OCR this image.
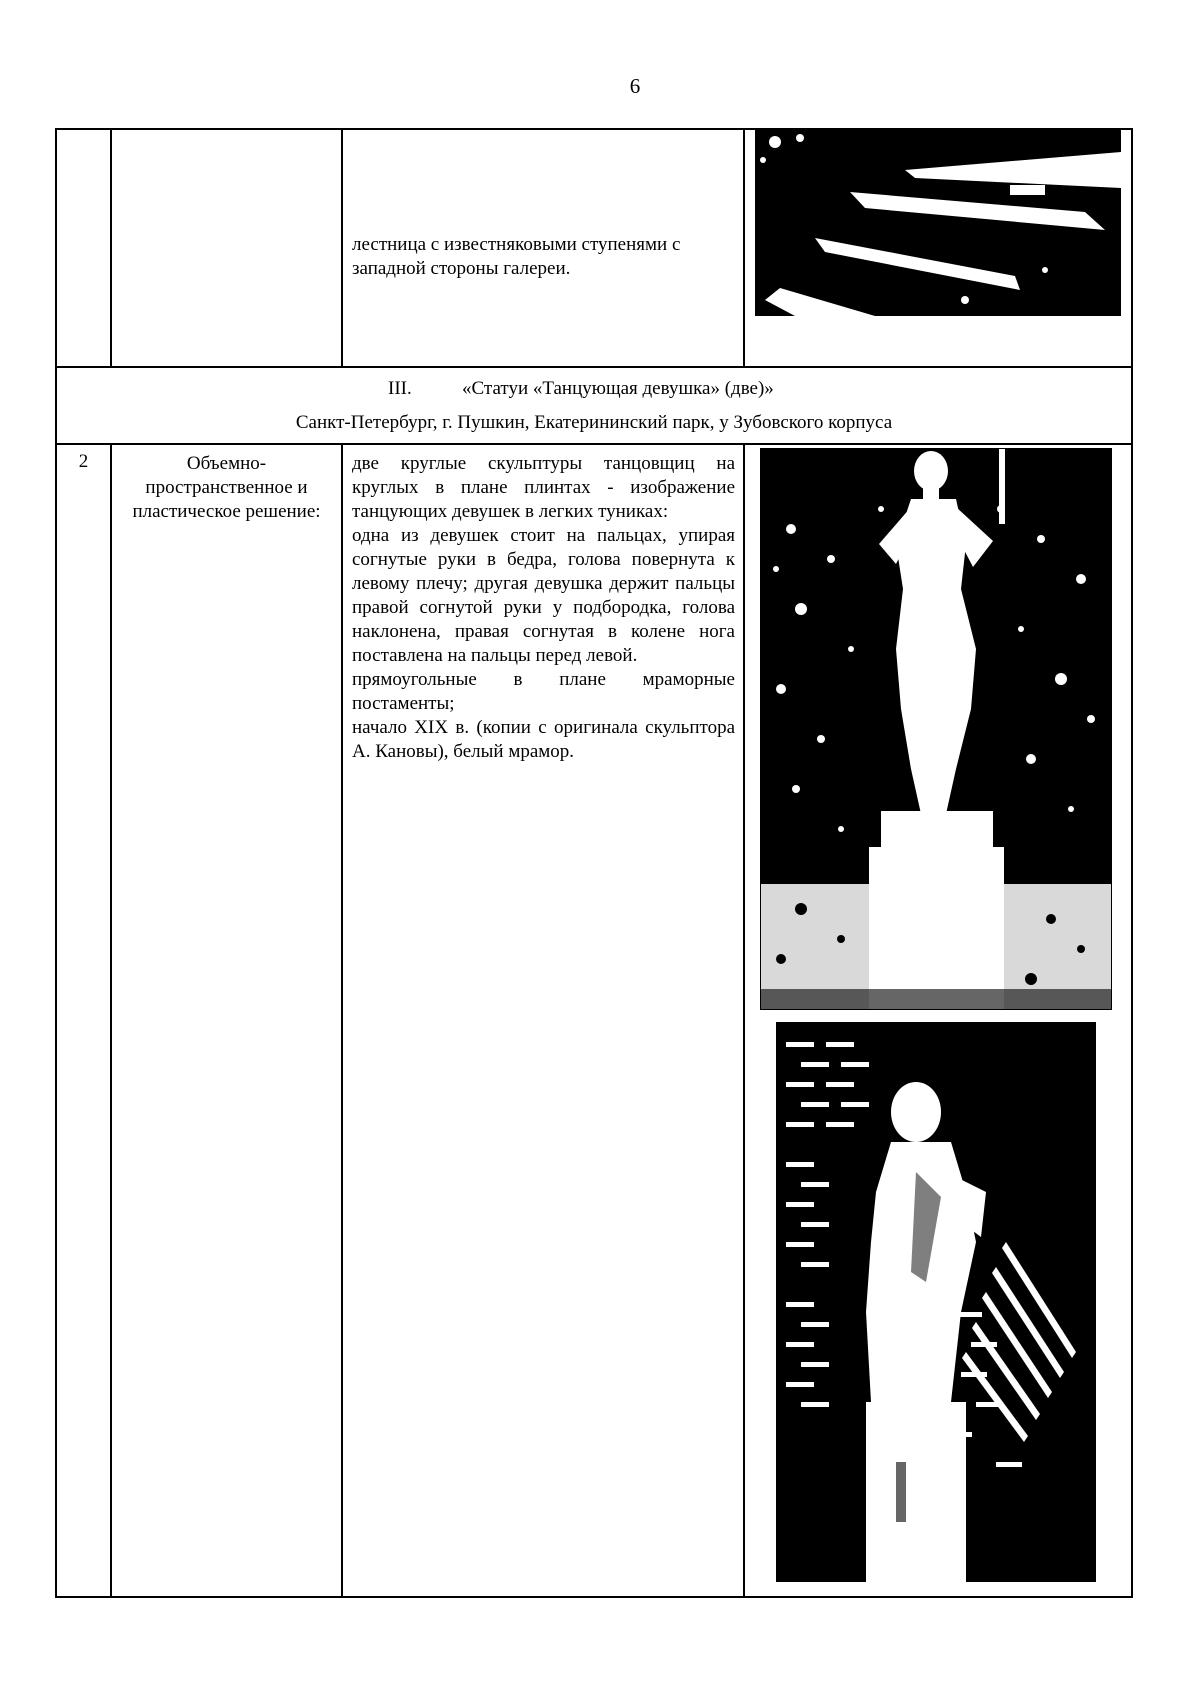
6
лестница с известняковыми ступенями с западной стороны галереи.
III.	«Статуи «Танцующая девушка» (две)»
Санкт-Петербург, г. Пушкин, Екатерининский парк, у Зубовского корпуса
2	Объемно-пространственное и пластическое решение:
две круглые скульптуры танцовщиц на круглых в плане плинтах - изображение танцующих девушек в легких туниках:
одна из девушек стоит на пальцах, упирая согнутые руки в бедра, голова повернута к левому плечу; другая девушка держит пальцы правой согнутой руки у подбородка, голова наклонена, правая согнутая в колене нога поставлена на пальцы перед левой.
прямоугольные в плане мраморные постаменты;
начало XIX в. (копии с оригинала скульптора А. Кановы), белый мрамор.
